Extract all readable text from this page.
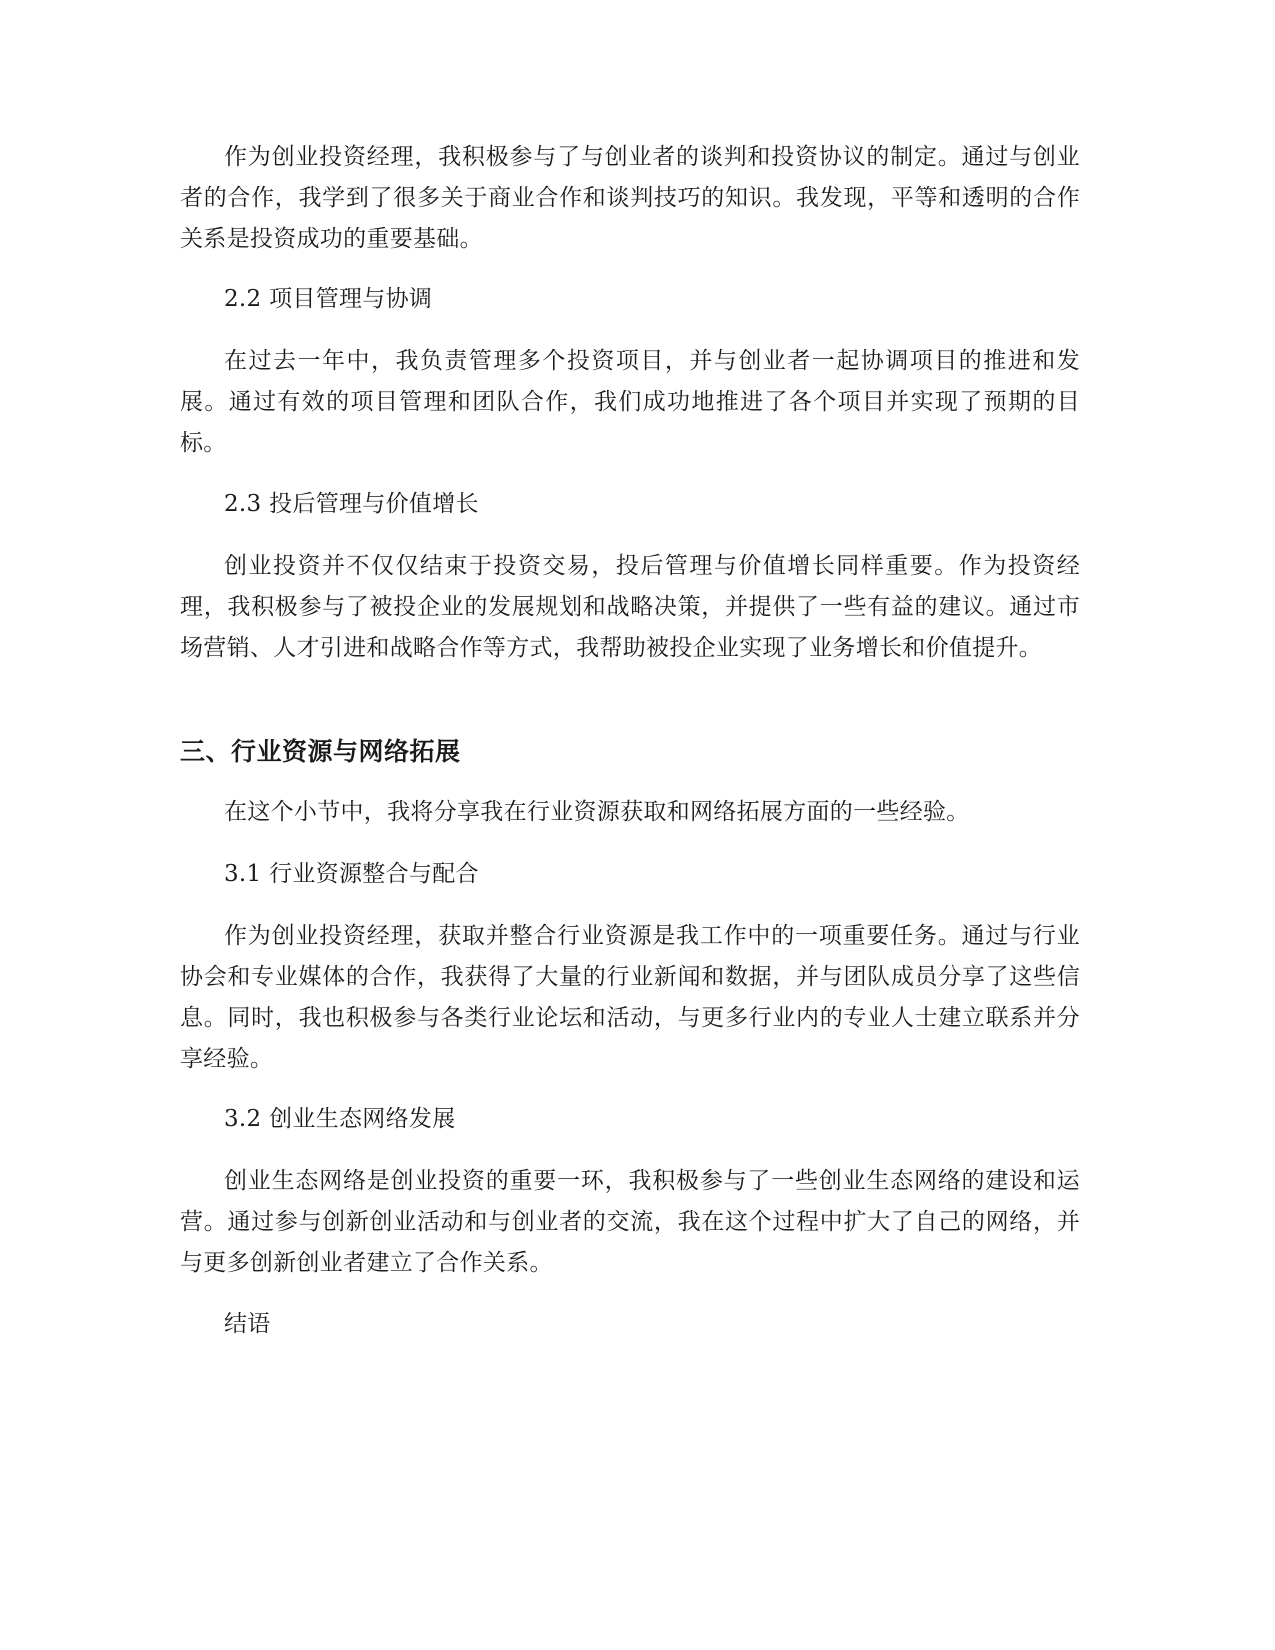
作为创业投资经理，我积极参与了与创业者的谈判和投资协议的制定。通过与创业者的合作，我学到了很多关于商业合作和谈判技巧的知识。我发现，平等和透明的合作关系是投资成功的重要基础。

2.2 项目管理与协调

在过去一年中，我负责管理多个投资项目，并与创业者一起协调项目的推进和发展。通过有效的项目管理和团队合作，我们成功地推进了各个项目并实现了预期的目标。

2.3 投后管理与价值增长

创业投资并不仅仅结束于投资交易，投后管理与价值增长同样重要。作为投资经理，我积极参与了被投企业的发展规划和战略决策，并提供了一些有益的建议。通过市场营销、人才引进和战略合作等方式，我帮助被投企业实现了业务增长和价值提升。

三、行业资源与网络拓展

在这个小节中，我将分享我在行业资源获取和网络拓展方面的一些经验。

3.1 行业资源整合与配合

作为创业投资经理，获取并整合行业资源是我工作中的一项重要任务。通过与行业协会和专业媒体的合作，我获得了大量的行业新闻和数据，并与团队成员分享了这些信息。同时，我也积极参与各类行业论坛和活动，与更多行业内的专业人士建立联系并分享经验。

3.2 创业生态网络发展

创业生态网络是创业投资的重要一环，我积极参与了一些创业生态网络的建设和运营。通过参与创新创业活动和与创业者的交流，我在这个过程中扩大了自己的网络，并与更多创新创业者建立了合作关系。

结语
